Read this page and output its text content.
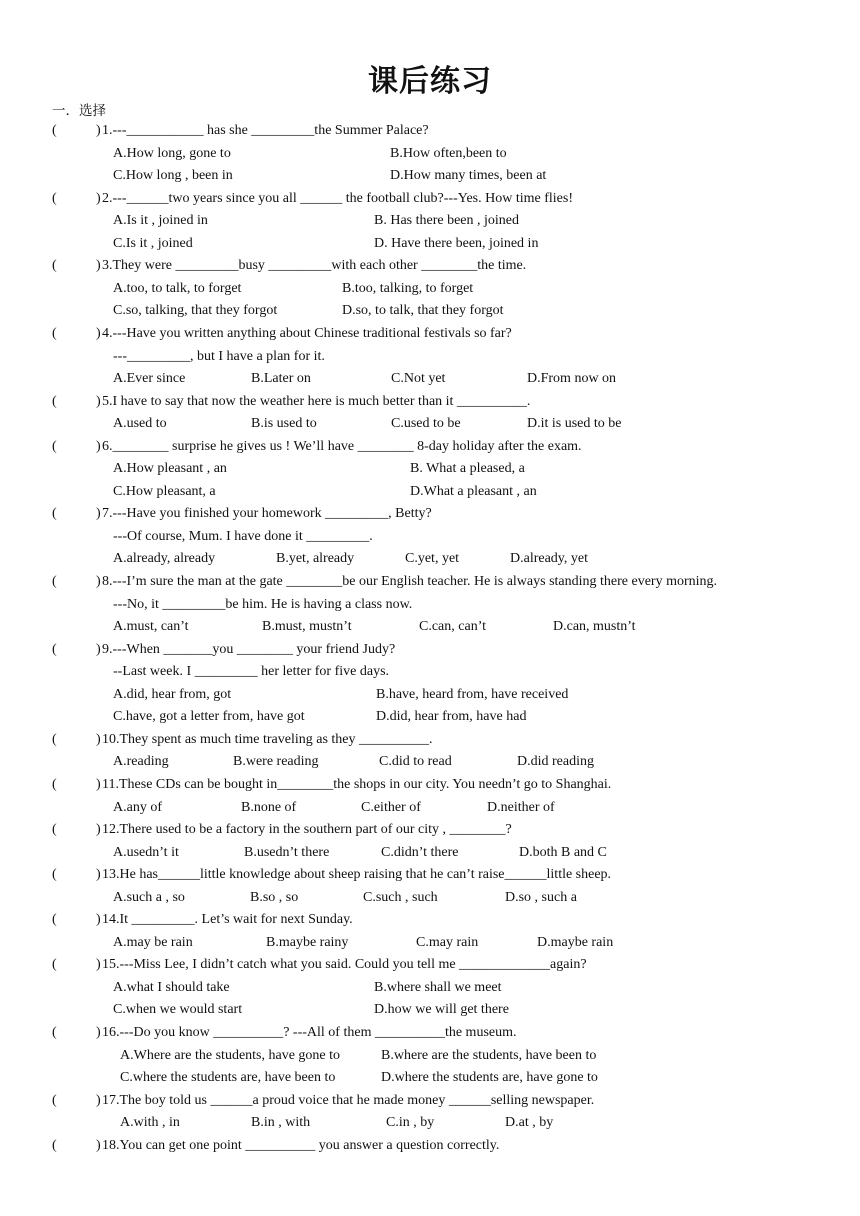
课后练习
一．选择
(	) 1.---___________ has she _________the Summer Palace?
A.How long, gone to	B.How often,been to
C.How long , been in	D.How many times, been at
(	) 2.---______two years since you all ______ the football club?---Yes. How time flies!
A.Is it , joined in	B. Has there been , joined
C.Is it , joined	D. Have there been, joined in
(	) 3.They were _________busy _________with each other ________the time.
A.too, to talk, to forget	B.too, talking, to forget
C.so, talking, that they forgot	D.so, to talk, that they forgot
(	) 4.---Have you written anything about Chinese traditional festivals so far?
---_________, but I have a plan for it.
A.Ever since	B.Later on	C.Not yet	D.From now on
(	) 5.I have to say that now the weather here is much better than it __________.
A.used to	B.is used to	C.used to be	D.it is used to be
(	) 6.________ surprise he gives us ! We’ll have ________ 8-day holiday after the exam.
A.How pleasant , an	B. What a pleased, a
C.How pleasant, a	D.What a pleasant , an
(	) 7.---Have you finished your homework _________, Betty?
---Of course, Mum. I have done it _________.
A.already, already	B.yet, already	C.yet, yet	D.already, yet
(	) 8.---I’m sure the man at the gate ________be our English teacher. He is always standing there every morning.
---No, it _________be him. He is having a class now.
A.must, can’t	B.must, mustn’t	C.can, can’t	D.can, mustn’t
(	) 9.---When _______you ________ your friend Judy?
--Last week. I _________ her letter for five days.
A.did, hear from, got	B.have, heard from, have received
C.have, got a letter from, have got	D.did, hear from, have had
(	) 10.They spent as much time traveling as they __________.
A.reading	B.were reading	C.did to read	D.did reading
(	) 11.These CDs can be bought in________the shops in our city. You needn’t go to Shanghai.
A.any of	B.none of	C.either of	D.neither of
(	) 12.There used to be a factory in the southern part of our city , ________?
A.usedn’t it	B.usedn’t there	C.didn’t there	D.both B and C
(	) 13.He has______little knowledge about sheep raising that he can’t raise______little sheep.
A.such a , so	B.so , so	C.such , such	D.so , such a
(	) 14.It _________. Let’s wait for next Sunday.
A.may be rain	B.maybe rainy	C.may rain	D.maybe rain
(	) 15.---Miss Lee, I didn’t catch what you said. Could you tell me _____________again?
A.what I should take	B.where shall we meet
C.when we would start	D.how we will get there
(	) 16.---Do you know __________? ---All of them __________the museum.
A.Where are the students, have gone to	B.where are the students, have been to
C.where the students are, have been to	D.where the students are, have gone to
(	) 17.The boy told us ______a proud voice that he made money ______selling newspaper.
A.with , in	B.in , with	C.in , by	D.at , by
(	) 18.You can get one point __________ you answer a question correctly.
